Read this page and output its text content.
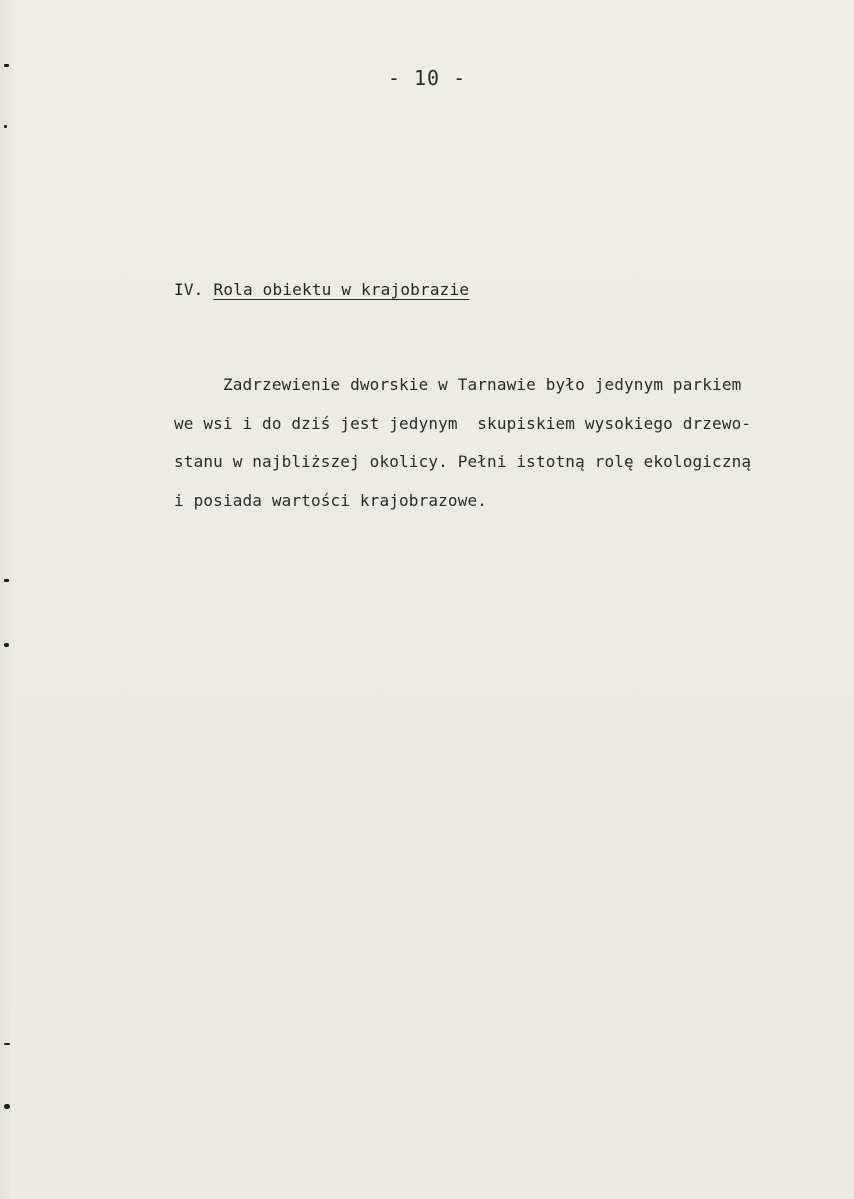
- 10 -
IV. Rola obiektu w krajobrazie
Zadrzewienie dworskie w Tarnawie było jedynym parkiem
we wsi i do dziś jest jedynym  skupiskiem wysokiego drzewo-
stanu w najbliższej okolicy. Pełni istotną rolę ekologiczną
i posiada wartości krajobrazowe.
